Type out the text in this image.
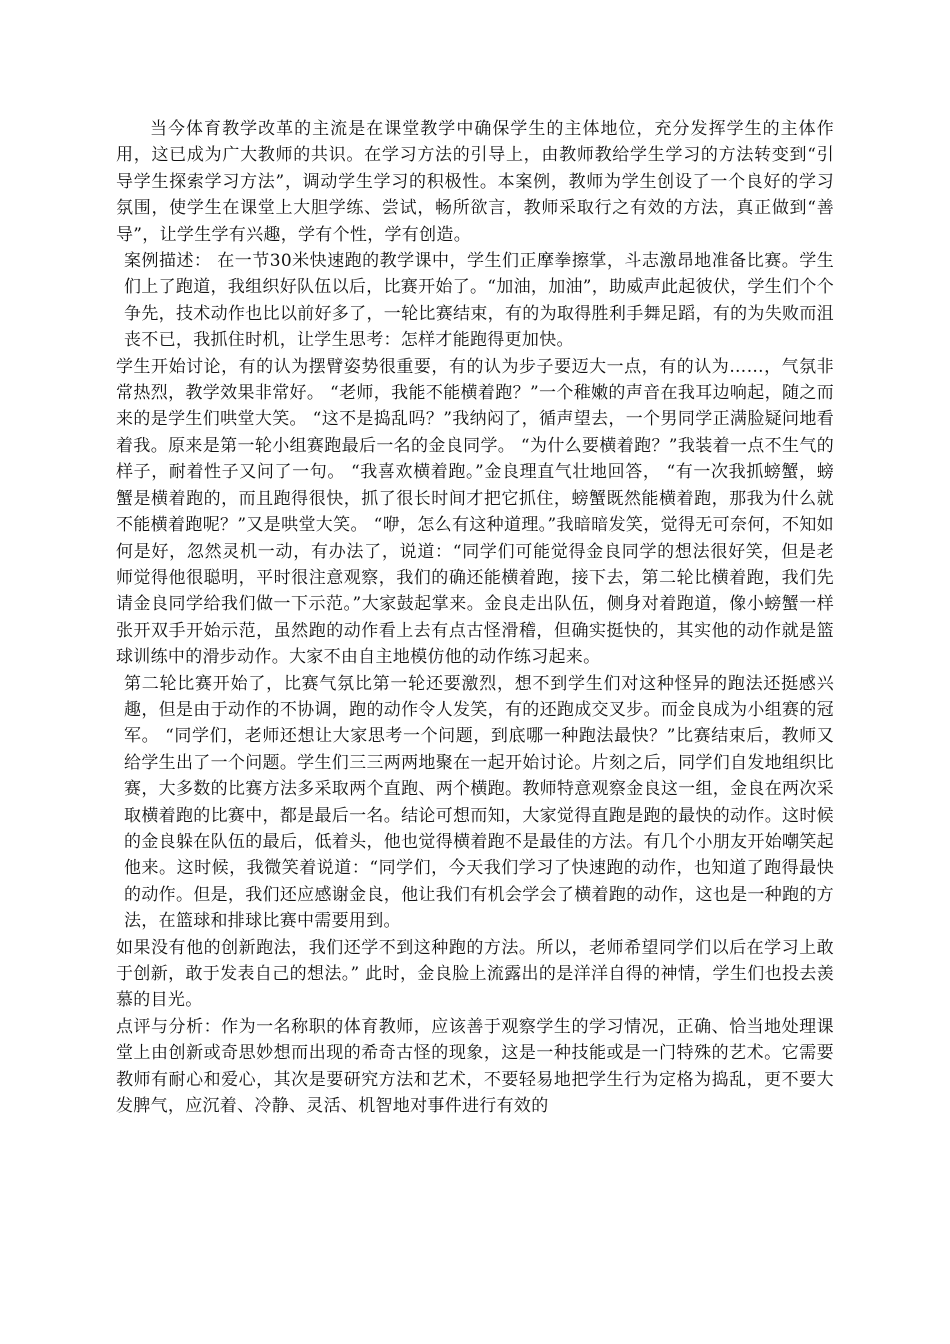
当今体育教学改革的主流是在课堂教学中确保学生的主体地位，充分发挥学生的主体作用，这已成为广大教师的共识。在学习方法的引导上，由教师教给学生学习的方法转变到“引导学生探索学习方法”，调动学生学习的积极性。本案例，教师为学生创设了一个良好的学习氛围，使学生在课堂上大胆学练、尝试，畅所欲言，教师采取行之有效的方法，真正做到“善导”，让学生学有兴趣，学有个性，学有创造。

案例描述： 在一节30米快速跑的教学课中，学生们正摩拳擦掌，斗志激昂地准备比赛。学生们上了跑道，我组织好队伍以后，比赛开始了。“加油，加油”，助威声此起彼伏，学生们个个争先，技术动作也比以前好多了，一轮比赛结束，有的为取得胜利手舞足蹈，有的为失败而沮丧不已，我抓住时机，让学生思考：怎样才能跑得更加快。

学生开始讨论，有的认为摆臂姿势很重要，有的认为步子要迈大一点，有的认为……，气氛非常热烈，教学效果非常好。 “老师，我能不能横着跑？”一个稚嫩的声音在我耳边响起，随之而来的是学生们哄堂大笑。 “这不是捣乱吗？”我纳闷了，循声望去，一个男同学正满脸疑问地看着我。原来是第一轮小组赛跑最后一名的金良同学。 “为什么要横着跑？”我装着一点不生气的样子，耐着性子又问了一句。 “我喜欢横着跑。”金良理直气壮地回答， “有一次我抓螃蟹，螃蟹是横着跑的，而且跑得很快，抓了很长时间才把它抓住，螃蟹既然能横着跑，那我为什么就不能横着跑呢？”又是哄堂大笑。 “咿，怎么有这种道理。”我暗暗发笑，觉得无可奈何，不知如何是好，忽然灵机一动，有办法了，说道：“同学们可能觉得金良同学的想法很好笑，但是老师觉得他很聪明，平时很注意观察，我们的确还能横着跑，接下去，第二轮比横着跑，我们先请金良同学给我们做一下示范。”大家鼓起掌来。金良走出队伍，侧身对着跑道，像小螃蟹一样张开双手开始示范，虽然跑的动作看上去有点古怪滑稽，但确实挺快的，其实他的动作就是篮球训练中的滑步动作。大家不由自主地模仿他的动作练习起来。

第二轮比赛开始了，比赛气氛比第一轮还要激烈，想不到学生们对这种怪异的跑法还挺感兴趣，但是由于动作的不协调，跑的动作令人发笑，有的还跑成交叉步。而金良成为小组赛的冠军。 “同学们，老师还想让大家思考一个问题，到底哪一种跑法最快？”比赛结束后，教师又给学生出了一个问题。学生们三三两两地聚在一起开始讨论。片刻之后，同学们自发地组织比赛，大多数的比赛方法多采取两个直跑、两个横跑。教师特意观察金良这一组，金良在两次采取横着跑的比赛中，都是最后一名。结论可想而知，大家觉得直跑是跑的最快的动作。这时候的金良躲在队伍的最后，低着头，他也觉得横着跑不是最佳的方法。有几个小朋友开始嘲笑起他来。这时候，我微笑着说道：“同学们，今天我们学习了快速跑的动作，也知道了跑得最快的动作。但是，我们还应感谢金良，他让我们有机会学会了横着跑的动作，这也是一种跑的方法，在篮球和排球比赛中需要用到。

如果没有他的创新跑法，我们还学不到这种跑的方法。所以，老师希望同学们以后在学习上敢于创新，敢于发表自己的想法。” 此时，金良脸上流露出的是洋洋自得的神情，学生们也投去羡慕的目光。

点评与分析：作为一名称职的体育教师，应该善于观察学生的学习情况，正确、恰当地处理课堂上由创新或奇思妙想而出现的希奇古怪的现象，这是一种技能或是一门特殊的艺术。它需要教师有耐心和爱心，其次是要研究方法和艺术，不要轻易地把学生行为定格为捣乱，更不要大发脾气，应沉着、冷静、灵活、机智地对事件进行有效的
